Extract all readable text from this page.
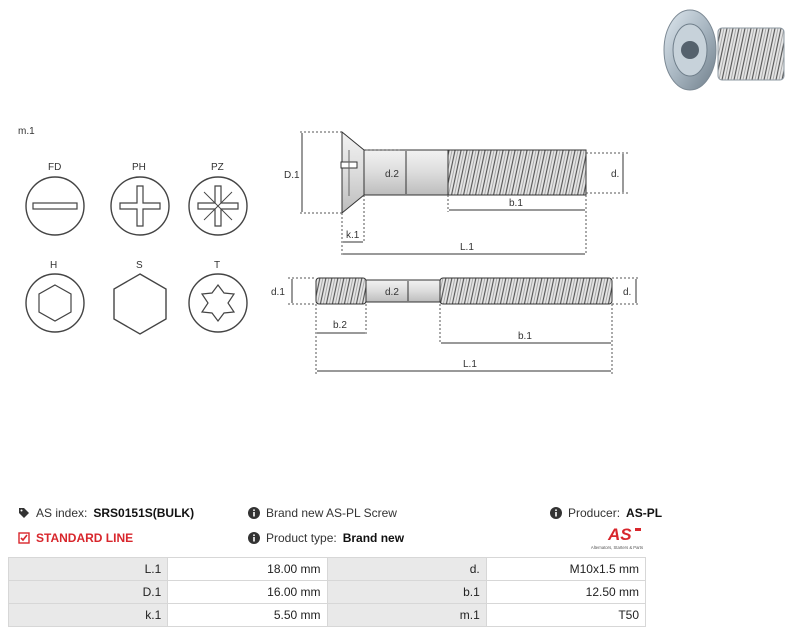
m.1
FD	PH	PZ
H	S	T
D.1	d.2	d.
b.1
k.1
L.1
d.1	d.2	d.
b.2
b.1
L.1
AS index: SRS0151S(BULK)
STANDARD LINE
Brand new AS-PL Screw
Product type: Brand new
Producer: AS-PL
AS
Alternators, Starters & Parts
L.1	18.00 mm	d.	M10x1.5 mm
D.1	16.00 mm	b.1	12.50 mm
k.1	5.50 mm	m.1	T50
